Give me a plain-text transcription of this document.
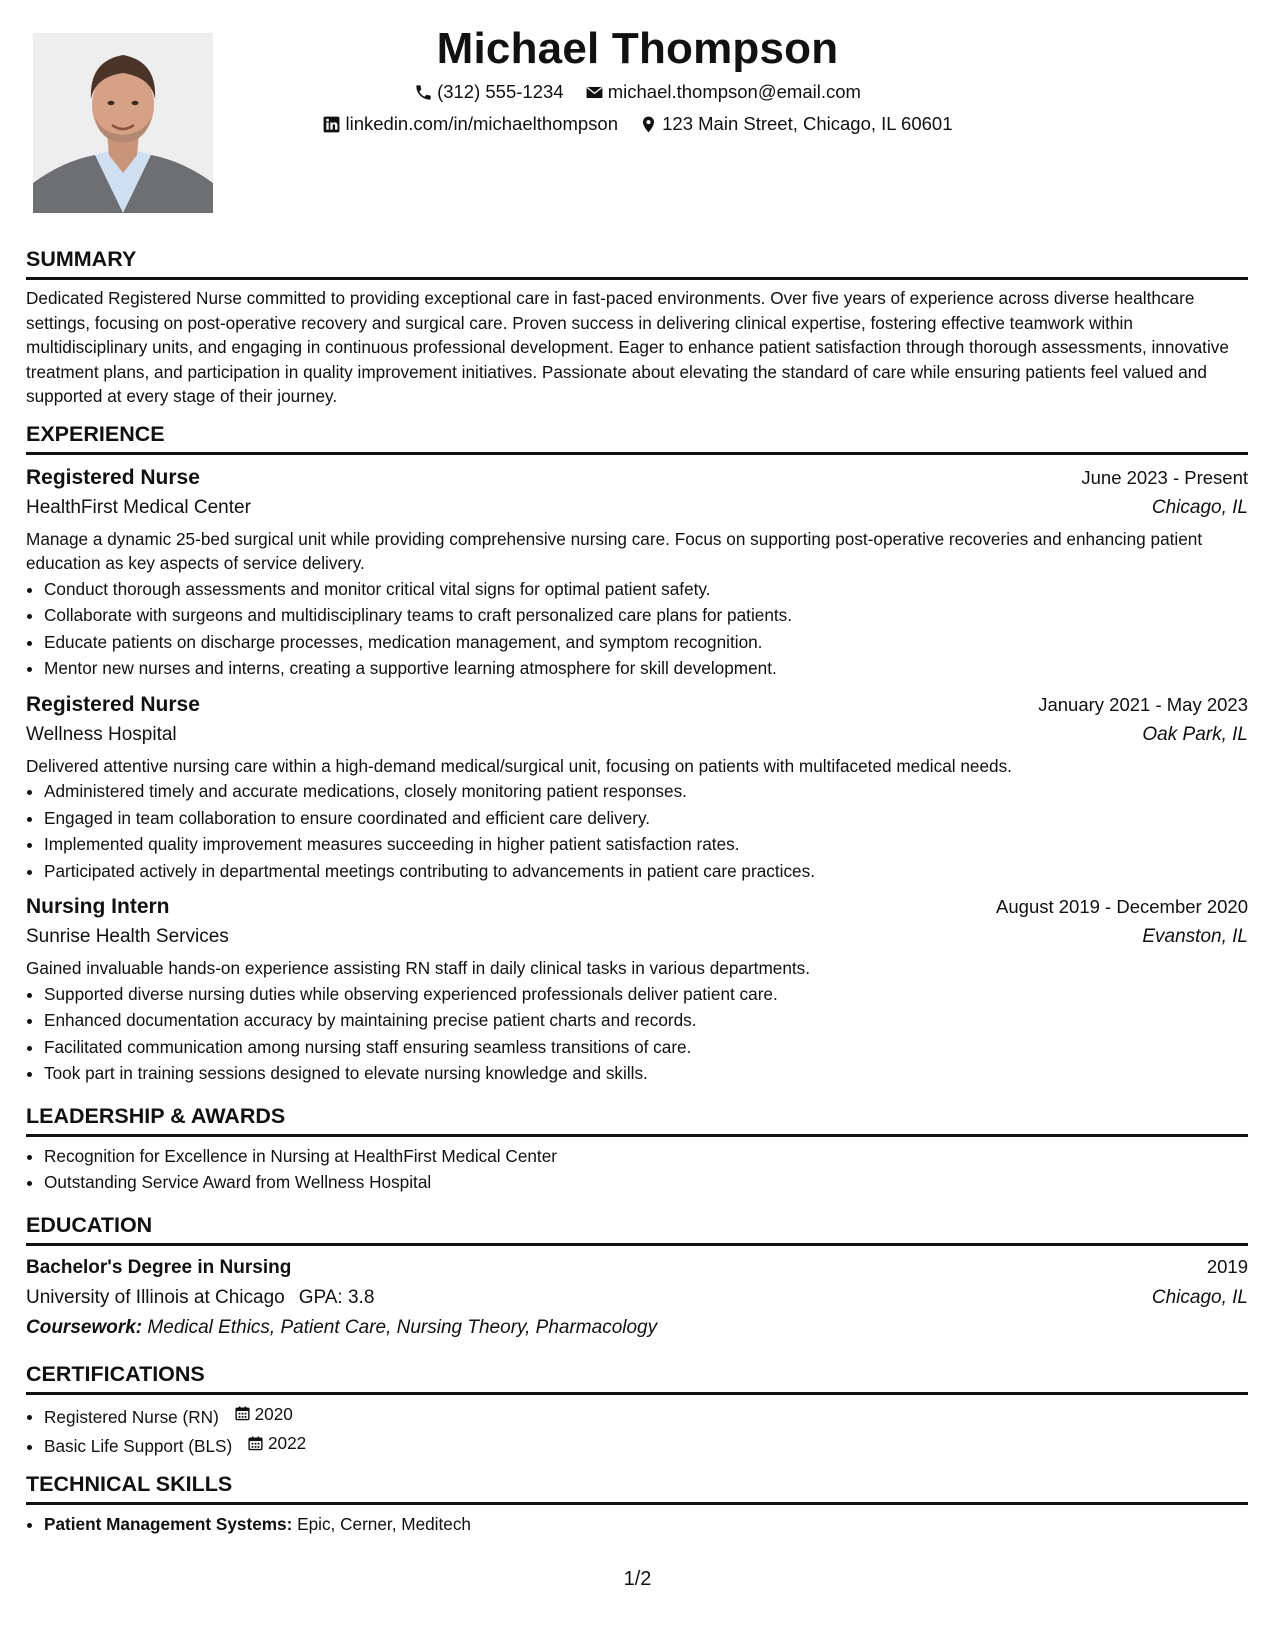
Michael Thompson
(312) 555-1234
michael.thompson@email.com
linkedin.com/in/michaelthompson
123 Main Street, Chicago, IL 60601
SUMMARY
Dedicated Registered Nurse committed to providing exceptional care in fast-paced environments. Over five years of experience across diverse healthcare settings, focusing on post-operative recovery and surgical care. Proven success in delivering clinical expertise, fostering effective teamwork within multidisciplinary units, and engaging in continuous professional development. Eager to enhance patient satisfaction through thorough assessments, innovative treatment plans, and participation in quality improvement initiatives. Passionate about elevating the standard of care while ensuring patients feel valued and supported at every stage of their journey.
EXPERIENCE
Registered Nurse	June 2023 - Present
HealthFirst Medical Center	Chicago, IL
Manage a dynamic 25-bed surgical unit while providing comprehensive nursing care. Focus on supporting post-operative recoveries and enhancing patient education as key aspects of service delivery.
• Conduct thorough assessments and monitor critical vital signs for optimal patient safety.
• Collaborate with surgeons and multidisciplinary teams to craft personalized care plans for patients.
• Educate patients on discharge processes, medication management, and symptom recognition.
• Mentor new nurses and interns, creating a supportive learning atmosphere for skill development.
Registered Nurse	January 2021 - May 2023
Wellness Hospital	Oak Park, IL
Delivered attentive nursing care within a high-demand medical/surgical unit, focusing on patients with multifaceted medical needs.
• Administered timely and accurate medications, closely monitoring patient responses.
• Engaged in team collaboration to ensure coordinated and efficient care delivery.
• Implemented quality improvement measures succeeding in higher patient satisfaction rates.
• Participated actively in departmental meetings contributing to advancements in patient care practices.
Nursing Intern	August 2019 - December 2020
Sunrise Health Services	Evanston, IL
Gained invaluable hands-on experience assisting RN staff in daily clinical tasks in various departments.
• Supported diverse nursing duties while observing experienced professionals deliver patient care.
• Enhanced documentation accuracy by maintaining precise patient charts and records.
• Facilitated communication among nursing staff ensuring seamless transitions of care.
• Took part in training sessions designed to elevate nursing knowledge and skills.
LEADERSHIP & AWARDS
• Recognition for Excellence in Nursing at HealthFirst Medical Center
• Outstanding Service Award from Wellness Hospital
EDUCATION
Bachelor's Degree in Nursing	2019
University of Illinois at Chicago GPA: 3.8	Chicago, IL
Coursework: Medical Ethics, Patient Care, Nursing Theory, Pharmacology
CERTIFICATIONS
• Registered Nurse (RN) 2020
• Basic Life Support (BLS) 2022
TECHNICAL SKILLS
• Patient Management Systems: Epic, Cerner, Meditech
1/2
